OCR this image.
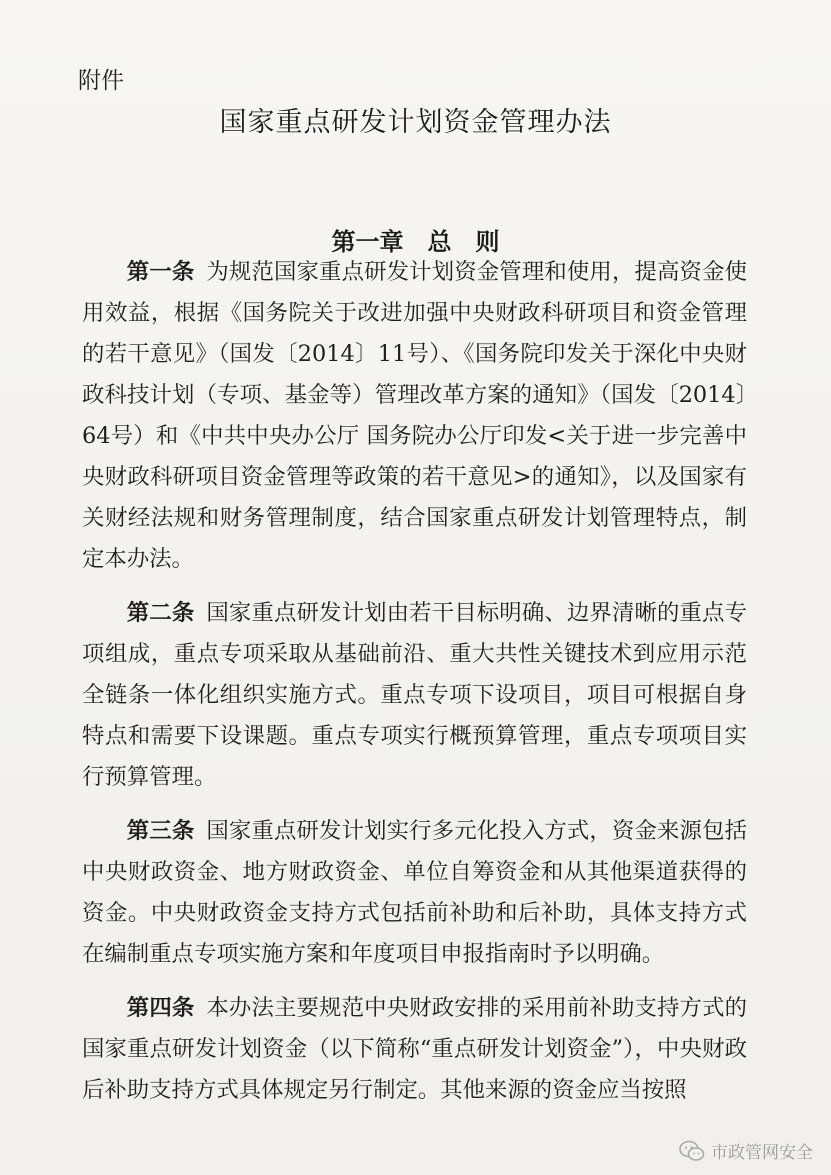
附件
国家重点研发计划资金管理办法
第一章　总　则

第一条 为规范国家重点研发计划资金管理和使用，提高资金使用效益，根据《国务院关于改进加强中央财政科研项目和资金管理的若干意见》（国发〔2014〕11号）、《国务院印发关于深化中央财政科技计划（专项、基金等）管理改革方案的通知》（国发〔2014〕64号）和《中共中央办公厅 国务院办公厅印发<关于进一步完善中央财政科研项目资金管理等政策的若干意见>的通知》，以及国家有关财经法规和财务管理制度，结合国家重点研发计划管理特点，制定本办法。

第二条 国家重点研发计划由若干目标明确、边界清晰的重点专项组成，重点专项采取从基础前沿、重大共性关键技术到应用示范全链条一体化组织实施方式。重点专项下设项目，项目可根据自身特点和需要下设课题。重点专项实行概预算管理，重点专项项目实行预算管理。

第三条 国家重点研发计划实行多元化投入方式，资金来源包括中央财政资金、地方财政资金、单位自筹资金和从其他渠道获得的资金。中央财政资金支持方式包括前补助和后补助，具体支持方式在编制重点专项实施方案和年度项目申报指南时予以明确。

第四条 本办法主要规范中央财政安排的采用前补助支持方式的国家重点研发计划资金（以下简称“重点研发计划资金”），中央财政后补助支持方式具体规定另行制定。其他来源的资金应当按照

市政管网安全
